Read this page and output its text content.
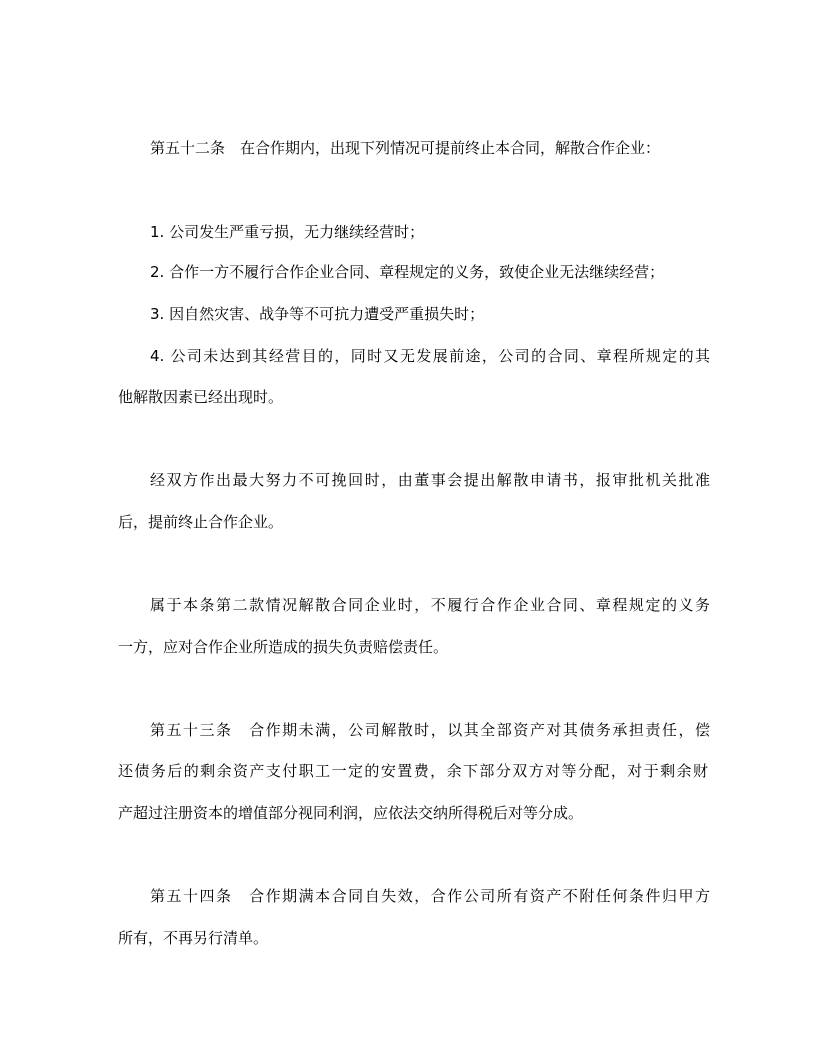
第五十二条　在合作期内，出现下列情况可提前终止本合同，解散合作企业：
1. 公司发生严重亏损，无力继续经营时；
2. 合作一方不履行合作企业合同、章程规定的义务，致使企业无法继续经营；
3. 因自然灾害、战争等不可抗力遭受严重损失时；
4. 公司未达到其经营目的，同时又无发展前途，公司的合同、章程所规定的其
他解散因素已经出现时。
经双方作出最大努力不可挽回时，由董事会提出解散申请书，报审批机关批准
后，提前终止合作企业。
属于本条第二款情况解散合同企业时，不履行合作企业合同、章程规定的义务
一方，应对合作企业所造成的损失负责赔偿责任。
第五十三条　合作期未满，公司解散时，以其全部资产对其债务承担责任，偿
还债务后的剩余资产支付职工一定的安置费，余下部分双方对等分配，对于剩余财
产超过注册资本的增值部分视同利润，应依法交纳所得税后对等分成。
第五十四条　合作期满本合同自失效，合作公司所有资产不附任何条件归甲方
所有，不再另行清单。
